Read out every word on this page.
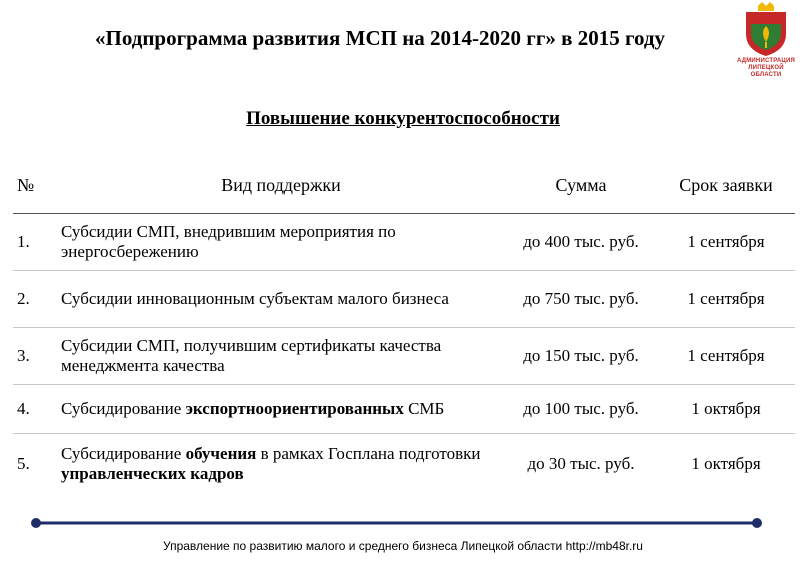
«Подпрограмма развития МСП на 2014-2020 гг» в 2015 году
АДМИНИСТРАЦИЯ
ЛИПЕЦКОЙ ОБЛАСТИ
Повышение конкурентоспособности
№	Вид поддержки	Сумма	Срок заявки
1.	Субсидии СМП, внедрившим мероприятия по энергосбережению	до 400 тыс. руб.	1 сентября
2.	Субсидии инновационным субъектам малого бизнеса	до 750 тыс. руб.	1 сентября
3.	Субсидии СМП, получившим сертификаты качества менеджмента качества	до 150 тыс. руб.	1 сентября
4.	Субсидирование экспортноориентированных СМБ	до 100 тыс. руб.	1 октября
5.	Субсидирование обучения в рамках Госплана подготовки управленческих кадров	до 30 тыс. руб.	1 октября

Управление по развитию малого и среднего бизнеса Липецкой области http://mb48r.ru
